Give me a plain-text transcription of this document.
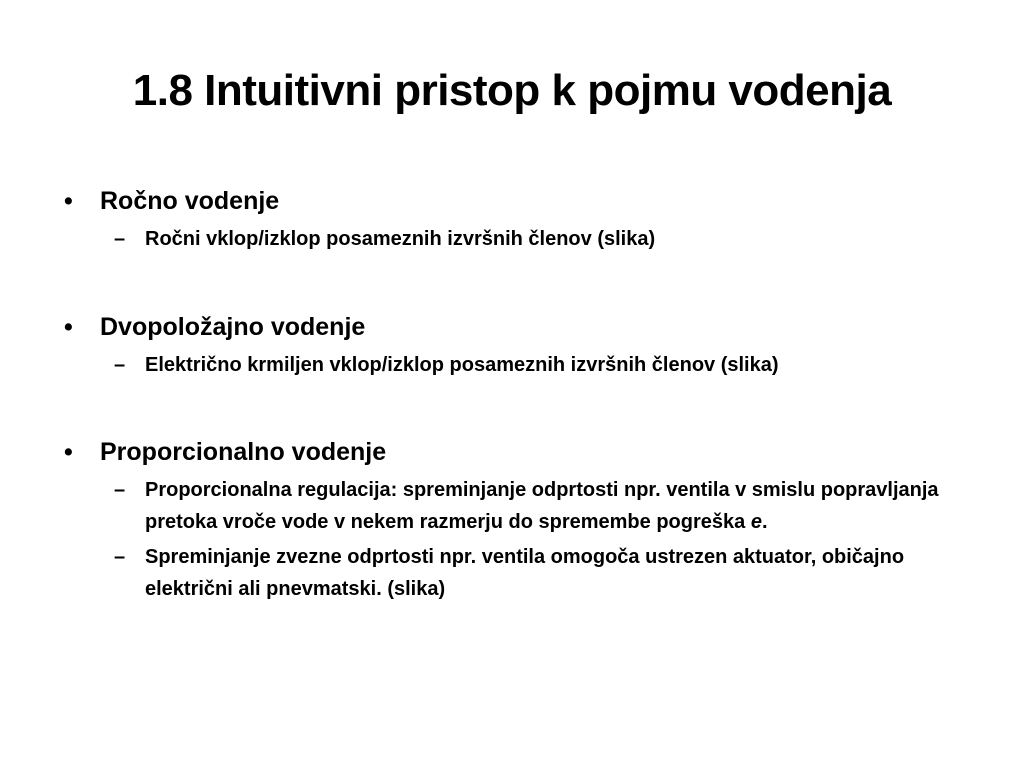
1.8 Intuitivni pristop k pojmu vodenja
• Ročno vodenje
– Ročni vklop/izklop posameznih izvršnih členov (slika)
• Dvopoložajno vodenje
– Električno krmiljen vklop/izklop posameznih izvršnih členov (slika)
• Proporcionalno vodenje
– Proporcionalna regulacija: spreminjanje odprtosti npr. ventila v smislu popravljanja pretoka vroče vode v nekem razmerju do spremembe pogreška e.
– Spreminjanje zvezne odprtosti npr. ventila omogoča ustrezen aktuator, običajno električni ali pnevmatski. (slika)
